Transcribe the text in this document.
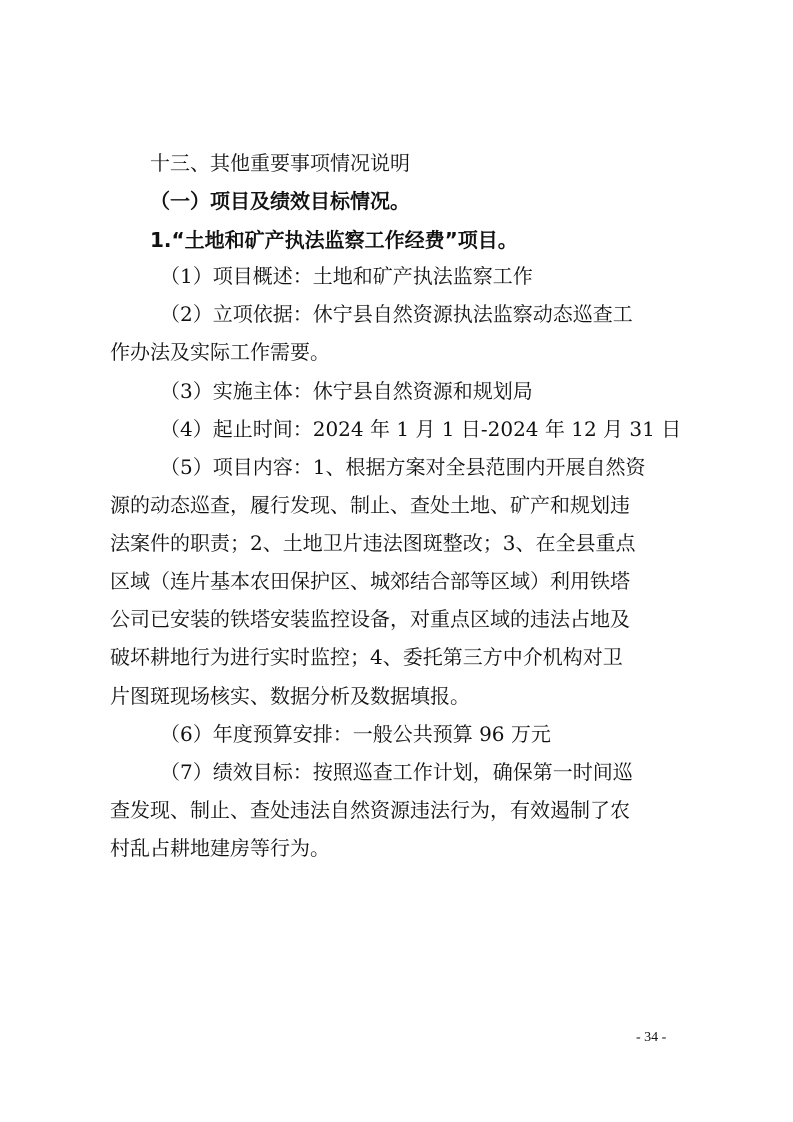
十三、其他重要事项情况说明
（一）项目及绩效目标情况。
1.“土地和矿产执法监察工作经费”项目。
（1）项目概述：土地和矿产执法监察工作
（2）立项依据：休宁县自然资源执法监察动态巡查工
作办法及实际工作需要。
（3）实施主体：休宁县自然资源和规划局
（4）起止时间：2024 年 1 月 1 日-2024 年 12 月 31 日
（5）项目内容：1、根据方案对全县范围内开展自然资
源的动态巡查，履行发现、制止、查处土地、矿产和规划违
法案件的职责；2、土地卫片违法图斑整改；3、在全县重点
区域（连片基本农田保护区、城郊结合部等区域）利用铁塔
公司已安装的铁塔安装监控设备，对重点区域的违法占地及
破坏耕地行为进行实时监控；4、委托第三方中介机构对卫
片图斑现场核实、数据分析及数据填报。
（6）年度预算安排：一般公共预算 96 万元
（7）绩效目标：按照巡查工作计划，确保第一时间巡
查发现、制止、查处违法自然资源违法行为，有效遏制了农
村乱占耕地建房等行为。
- 34 -
